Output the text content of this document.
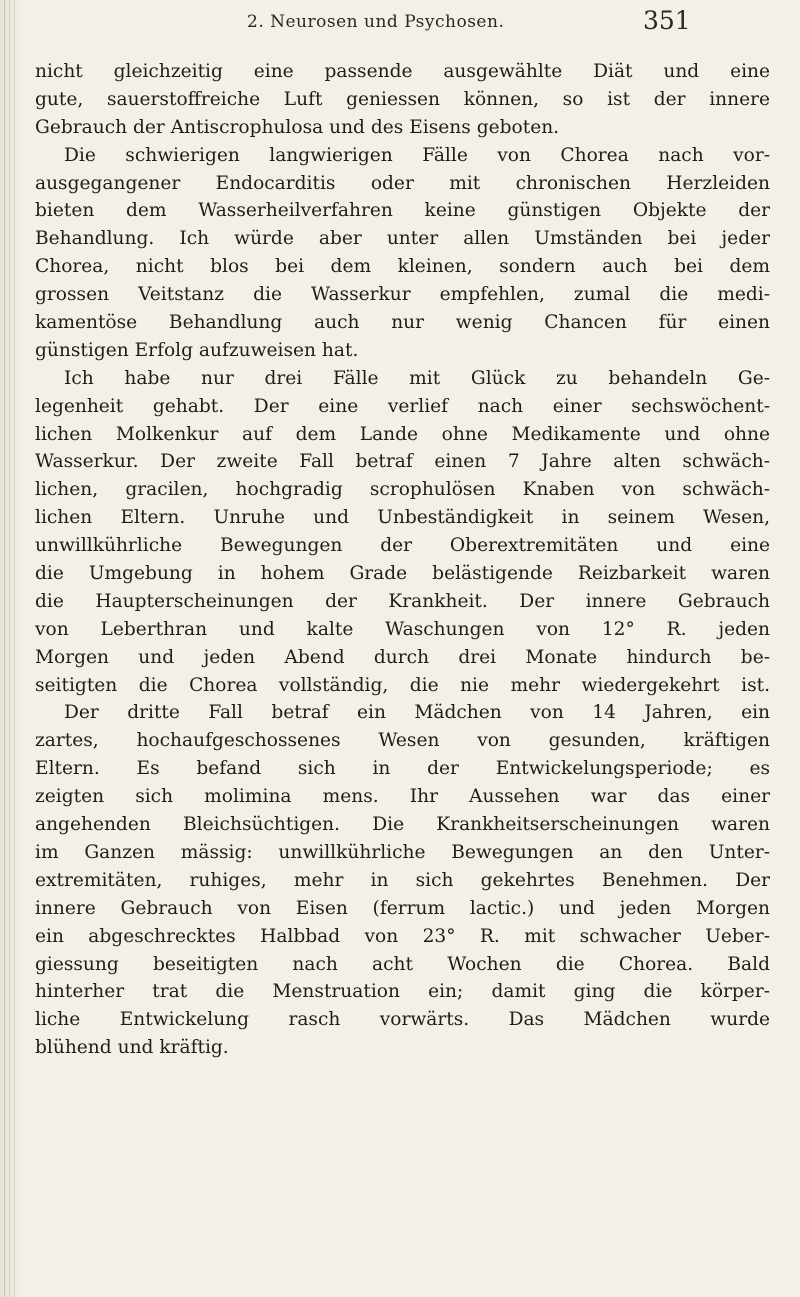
2. Neurosen und Psychosen.	351
nicht gleichzeitig eine passende ausgewählte Diät und eine
gute, sauerstoffreiche Luft geniessen können, so ist der innere
Gebrauch der Antiscrophulosa und des Eisens geboten.
Die schwierigen langwierigen Fälle von Chorea nach vor-
ausgegangener Endocarditis oder mit chronischen Herzleiden
bieten dem Wasserheilverfahren keine günstigen Objekte der
Behandlung. Ich würde aber unter allen Umständen bei jeder
Chorea, nicht blos bei dem kleinen, sondern auch bei dem
grossen Veitstanz die Wasserkur empfehlen, zumal die medi-
kamentöse Behandlung auch nur wenig Chancen für einen
günstigen Erfolg aufzuweisen hat.
Ich habe nur drei Fälle mit Glück zu behandeln Ge-
legenheit gehabt. Der eine verlief nach einer sechswöchent-
lichen Molkenkur auf dem Lande ohne Medikamente und ohne
Wasserkur. Der zweite Fall betraf einen 7 Jahre alten schwäch-
lichen, gracilen, hochgradig scrophulösen Knaben von schwäch-
lichen Eltern. Unruhe und Unbeständigkeit in seinem Wesen,
unwillkührliche Bewegungen der Oberextremitäten und eine
die Umgebung in hohem Grade belästigende Reizbarkeit waren
die Haupterscheinungen der Krankheit. Der innere Gebrauch
von Leberthran und kalte Waschungen von 12° R. jeden
Morgen und jeden Abend durch drei Monate hindurch be-
seitigten die Chorea vollständig, die nie mehr wiedergekehrt ist.
Der dritte Fall betraf ein Mädchen von 14 Jahren, ein
zartes, hochaufgeschossenes Wesen von gesunden, kräftigen
Eltern. Es befand sich in der Entwickelungsperiode; es
zeigten sich molimina mens. Ihr Aussehen war das einer
angehenden Bleichsüchtigen. Die Krankheitserscheinungen waren
im Ganzen mässig: unwillkührliche Bewegungen an den Unter-
extremitäten, ruhiges, mehr in sich gekehrtes Benehmen. Der
innere Gebrauch von Eisen (ferrum lactic.) und jeden Morgen
ein abgeschrecktes Halbbad von 23° R. mit schwacher Ueber-
giessung beseitigten nach acht Wochen die Chorea. Bald
hinterher trat die Menstruation ein; damit ging die körper-
liche Entwickelung rasch vorwärts. Das Mädchen wurde
blühend und kräftig.
